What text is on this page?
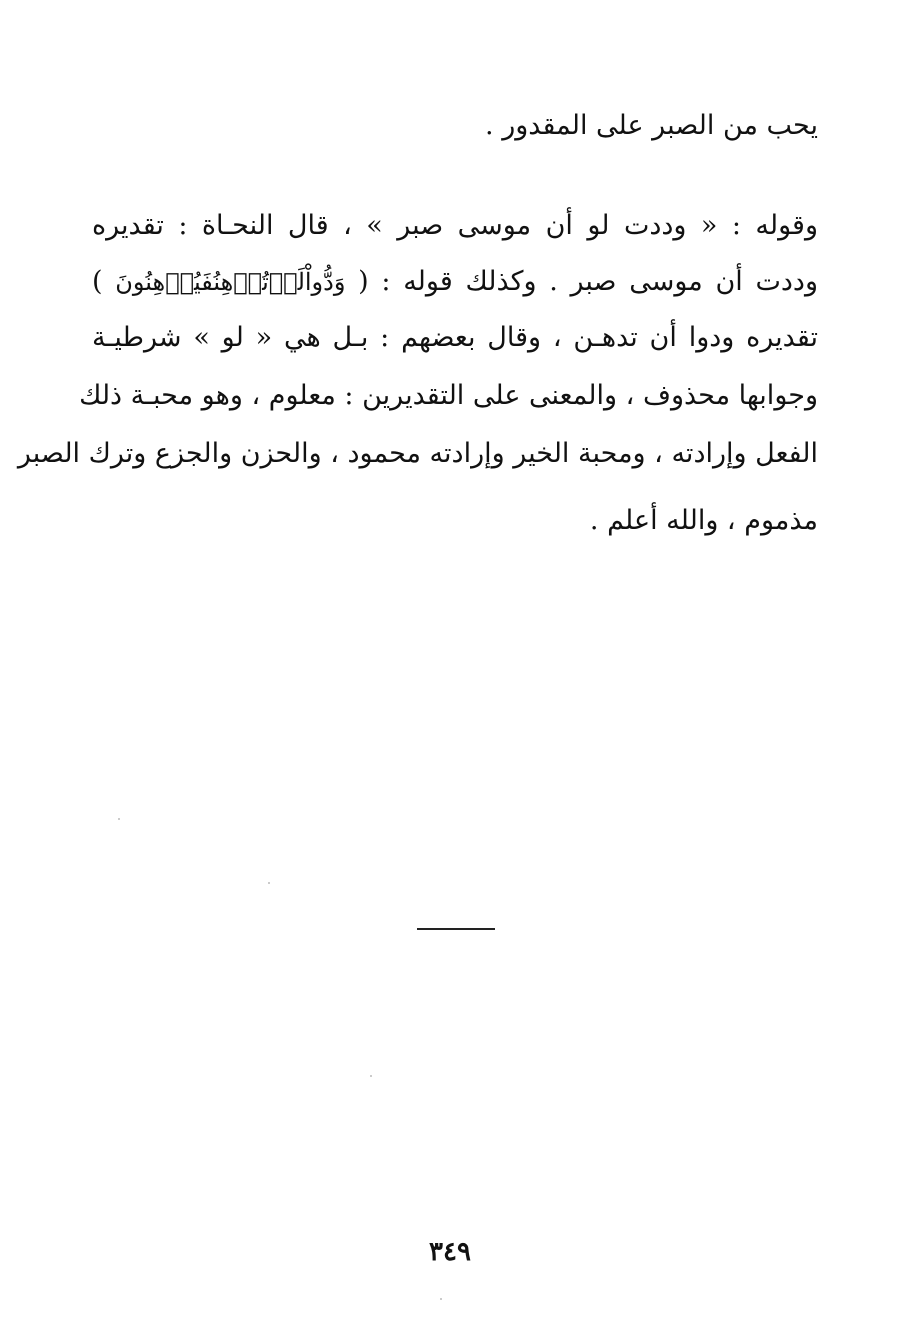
يحب من الصبر على المقدور .
وقوله : « وددت لو أن موسى صبر » ، قال النحـاة : تقديره
وددت أن موسى صبر . وكذلك قوله : ( وَدُّواْلَوۡتُدۡهِنُفَيُدۡهِنُونَ )
تقديره ودوا أن تدهـن ، وقال بعضهم : بـل هي « لو » شرطيـة
وجوابها محذوف ، والمعنى على التقديرين : معلوم ، وهو محبـة ذلك
الفعل وإرادته ، ومحبة الخير وإرادته محمود ، والحزن والجزع وترك الصبر
مذموم ، والله أعلم .
٣٤٩
